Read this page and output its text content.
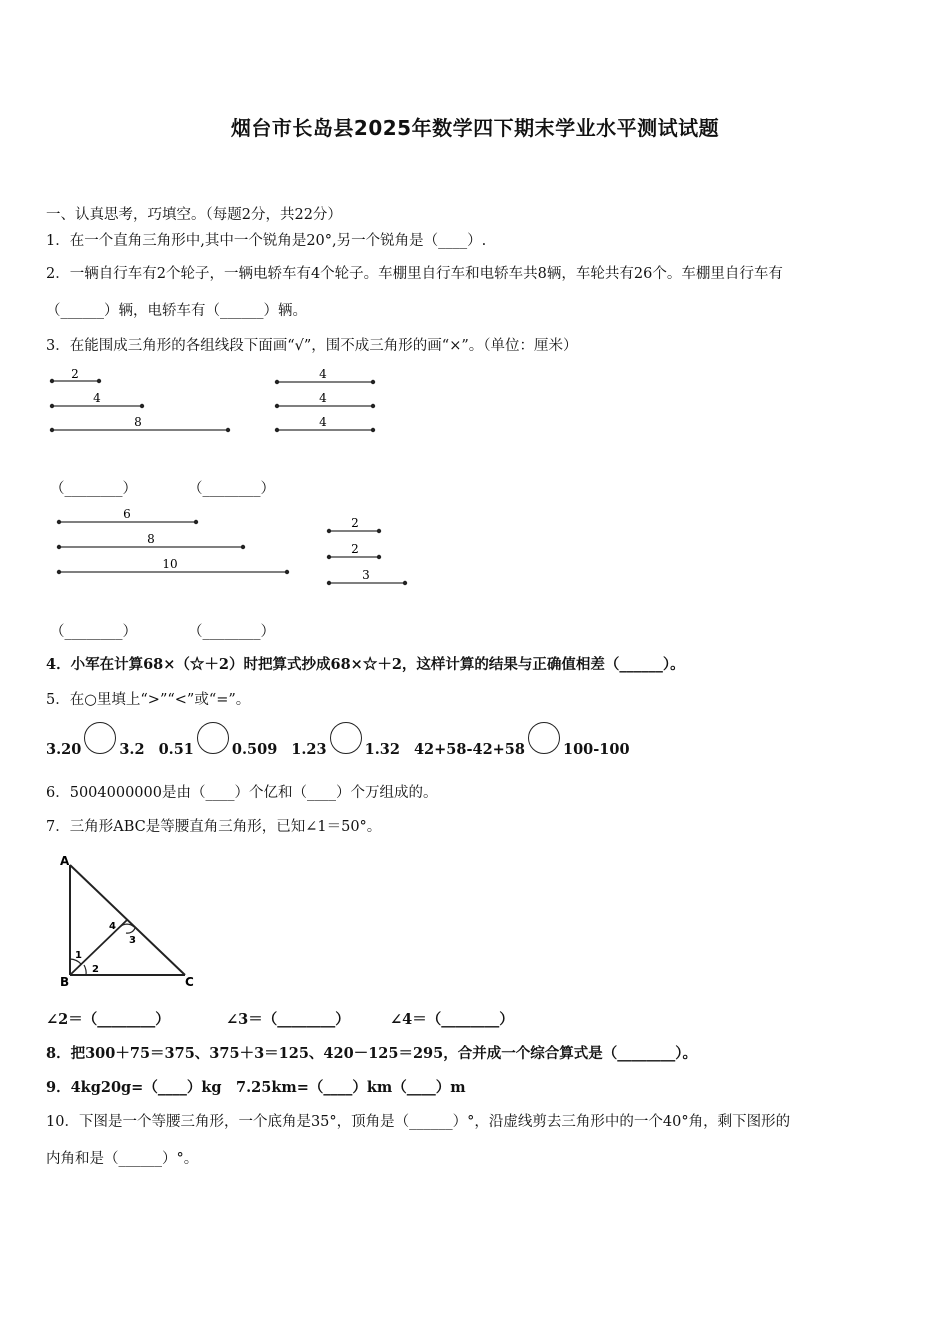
烟台市长岛县2025年数学四下期末学业水平测试试题
一、认真思考，巧填空。（每题2分，共22分）
1．在一个直角三角形中,其中一个锐角是20°,另一个锐角是（____）.
2．一辆自行车有2个轮子，一辆电轿车有4个轮子。车棚里自行车和电轿车共8辆，车轮共有26个。车棚里自行车有
（______）辆，电轿车有（______）辆。
3．在能围成三角形的各组线段下面画“√”，围不成三角形的画“×”。（单位：厘米）
2
4
8
4
4
4
（________）	（________）
6
8
10
2
2
3
（________）	（________）
4．小军在计算68×（☆＋2）时把算式抄成68×☆＋2，这样计算的结果与正确值相差（______）。
5．在○里填上“>”“<”或“=”。
3.20	3.2 0.51	0.509 1.23	1.32 42+58-42+58	100-100
6．5004000000是由（____）个亿和（____）个万组成的。
7．三角形ABC是等腰直角三角形，已知∠1＝50°。
A
B	C
1
2
3
4
∠2＝（________）	∠3＝（________）	∠4＝（________）
8．把300＋75＝375、375＋3＝125、420－125＝295，合并成一个综合算式是（________）。
9．4kg20g=（____）kg　7.25km=（____）km（____）m
10．下图是一个等腰三角形，一个底角是35°，顶角是（______）°，沿虚线剪去三角形中的一个40°角，剩下图形的
内角和是（______）°。
